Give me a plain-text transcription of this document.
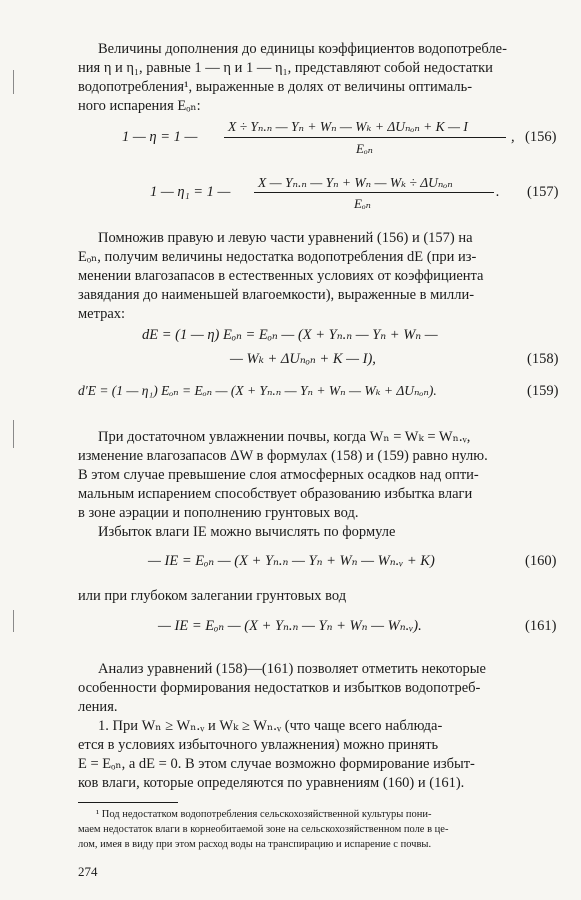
Величины дополнения до единицы коэффициентов водопотребле-
ния η и η₁, равные 1 — η и 1 — η₁, представляют собой недостатки
водопотребления¹, выраженные в долях от величины оптималь-
ного испарения Eₒₙ:
1 — η = 1 —
X ÷ Yₙ.ₙ — Yₙ + Wₙ — Wₖ + ΔUₙₒₙ + K — I
Eₒₙ
, (156)
1 — η₁ = 1 —
X — Yₙ.ₙ — Yₙ + Wₙ — Wₖ ÷ ΔUₙₒₙ
Eₒₙ
. (157)
Помножив правую и левую части уравнений (156) и (157) на
Eₒₙ, получим величины недостатка водопотребления dE (при из-
менении влагозапасов в естественных условиях от коэффициента
завядания до наименьшей влагоемкости), выраженные в милли-
метрах:
dE = (1 — η) Eₒₙ = Eₒₙ — (X + Yₙ.ₙ — Yₙ + Wₙ —
— Wₖ + ΔUₙₒₙ + K — I),	(158)
d′E = (1 — η₁) Eₒₙ = Eₒₙ — (X + Yₙ.ₙ — Yₙ + Wₙ — Wₖ + ΔUₙₒₙ).	(159)
При достаточном увлажнении почвы, когда Wₙ = Wₖ = Wₙ.ᵥ,
изменение влагозапасов ΔW в формулах (158) и (159) равно нулю.
В этом случае превышение слоя атмосферных осадков над опти-
мальным испарением способствует образованию избытка влаги
в зоне аэрации и пополнению грунтовых вод.
Избыток влаги IE можно вычислять по формуле
— IE = Eₒₙ — (X + Yₙ.ₙ — Yₙ + Wₙ — Wₙ.ᵥ + K)	(160)
или при глубоком залегании грунтовых вод
— IE = Eₒₙ — (X + Yₙ.ₙ — Yₙ + Wₙ — Wₙ.ᵥ).	(161)
Анализ уравнений (158)—(161) позволяет отметить некоторые
особенности формирования недостатков и избытков водопотреб-
ления.
1. При Wₙ ≥ Wₙ.ᵥ и Wₖ ≥ Wₙ.ᵥ (что чаще всего наблюда-
ется в условиях избыточного увлажнения) можно принять
E = Eₒₙ, а dE = 0. В этом случае возможно формирование избыт-
ков влаги, которые определяются по уравнениям (160) и (161).
¹ Под недостатком водопотребления сельскохозяйственной культуры пони-
маем недостаток влаги в корнеобитаемой зоне на сельскохозяйственном поле в це-
лом, имея в виду при этом расход воды на транспирацию и испарение с почвы.
274
